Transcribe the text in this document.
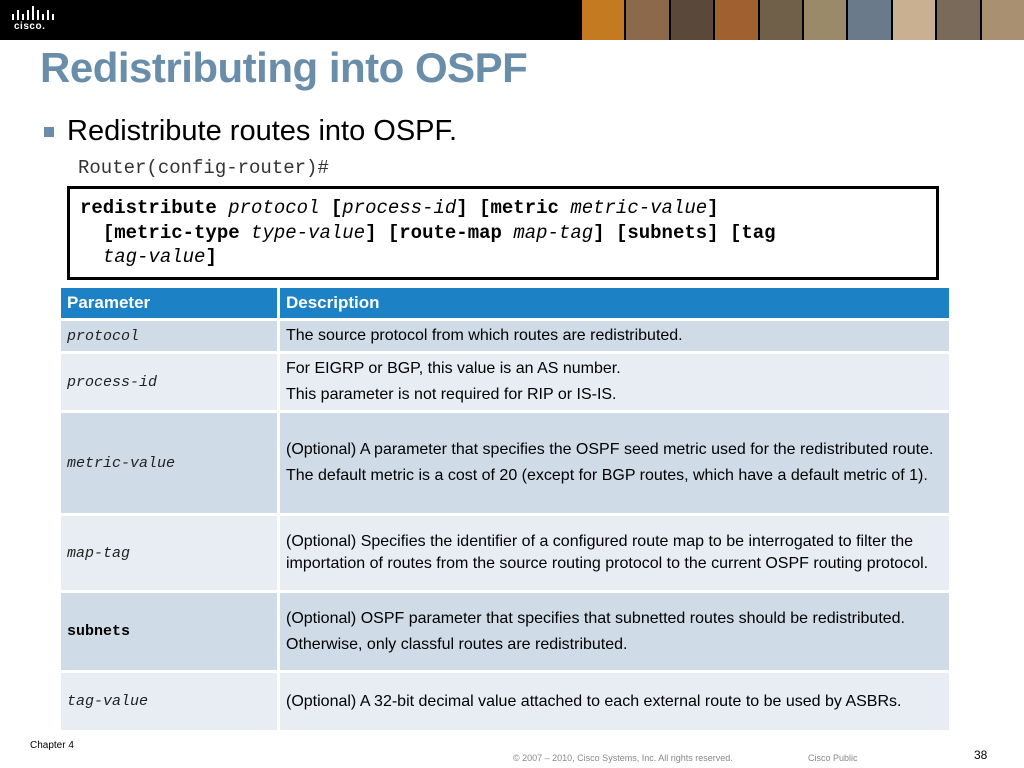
cisco.
Redistributing into OSPF
Redistribute routes into OSPF.
Router(config-router)#
redistribute protocol [process-id] [metric metric-value]
[metric-type type-value] [route-map map-tag] [subnets] [tag
tag-value]
Parameter	Description
protocol	The source protocol from which routes are redistributed.

process-id	For EIGRP or BGP, this value is an AS number.
This parameter is not required for RIP or IS-IS.

metric-value	(Optional) A parameter that specifies the OSPF seed metric used for the redistributed route.
The default metric is a cost of 20 (except for BGP routes, which have a default metric of 1).

map-tag	(Optional) Specifies the identifier of a configured route map to be interrogated to filter the importation of routes from the source routing protocol to the current OSPF routing protocol.

subnets	(Optional) OSPF parameter that specifies that subnetted routes should be redistributed.
Otherwise, only classful routes are redistributed.

tag-value	(Optional) A 32-bit decimal value attached to each external route to be used by ASBRs.
Chapter 4
© 2007 – 2010, Cisco Systems, Inc. All rights reserved.	Cisco Public	38
